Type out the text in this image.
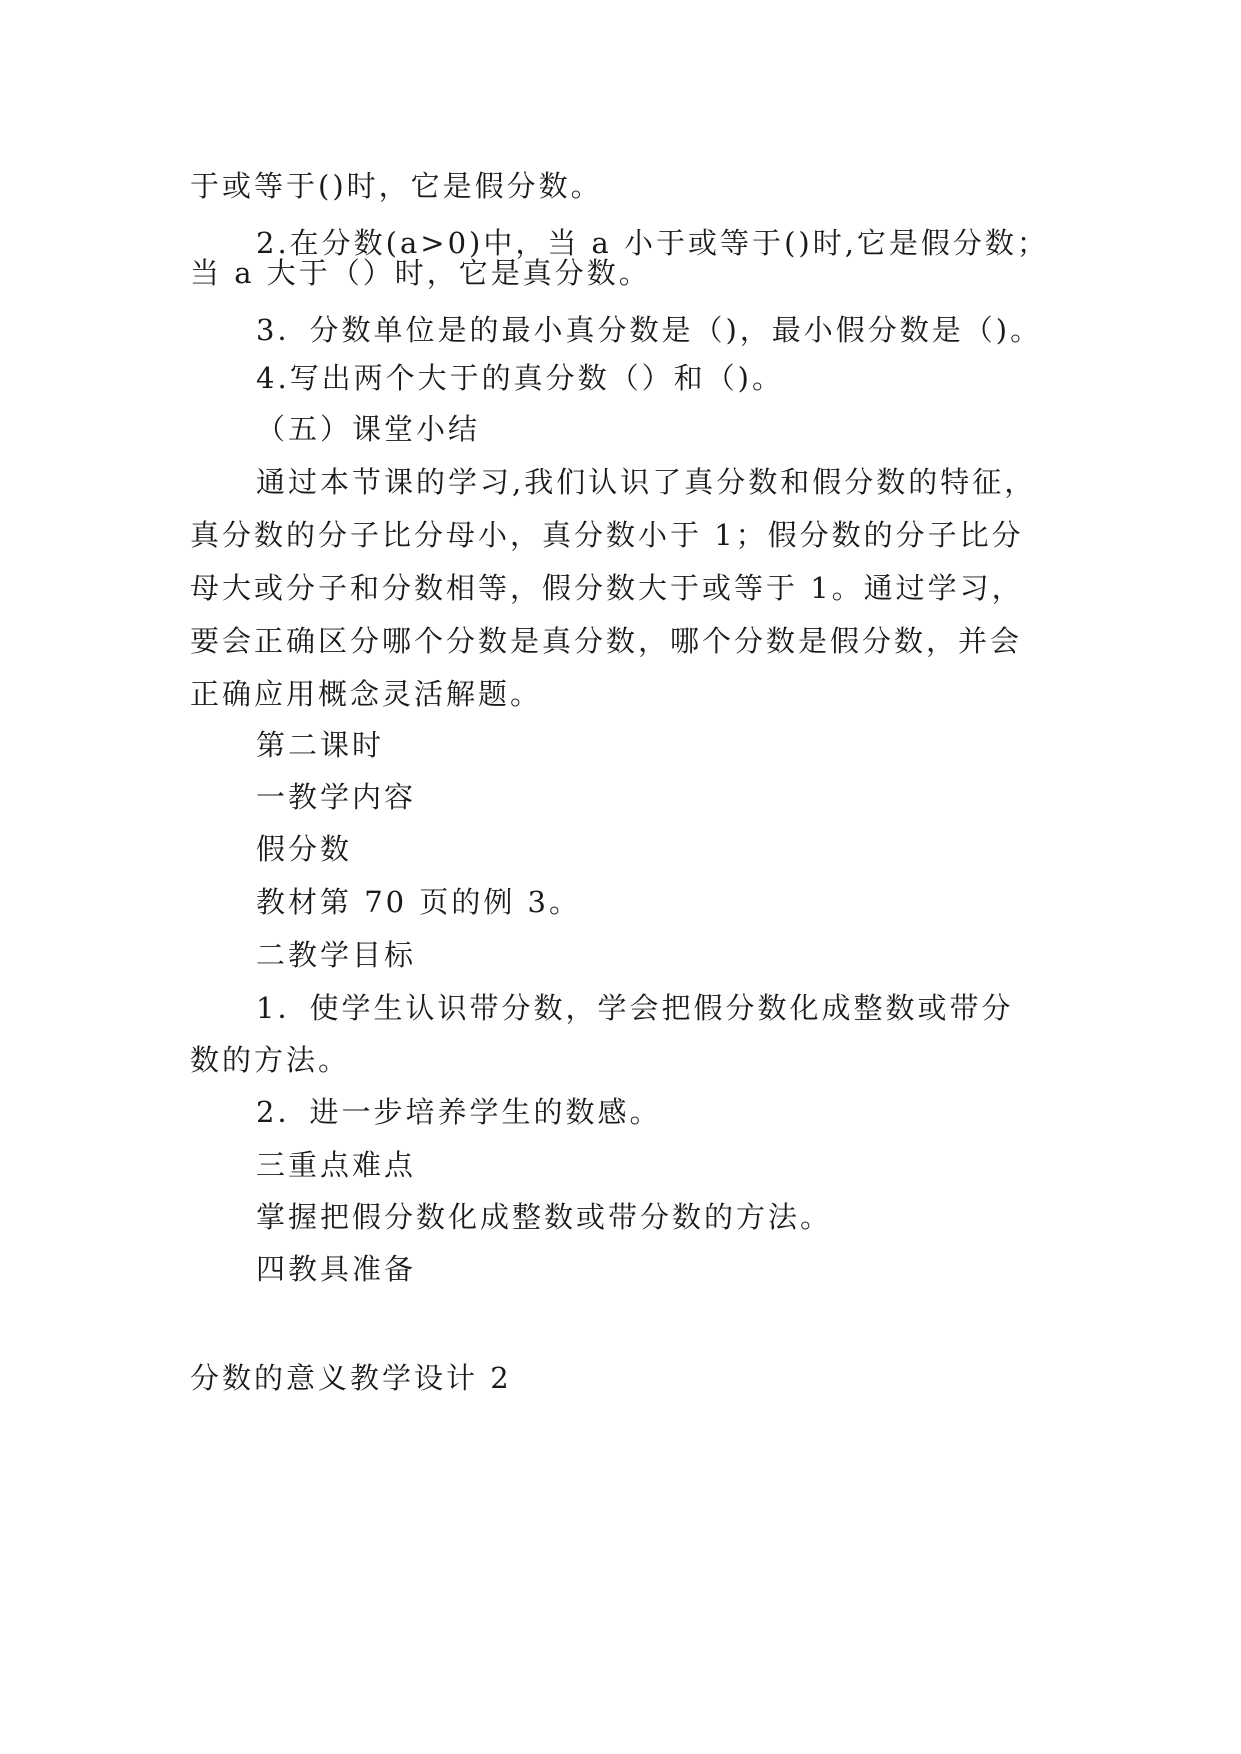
于或等于()时，它是假分数。
2.在分数(a>0)中，当 a 小于或等于()时,它是假分数；
当 a 大于（）时，它是真分数。
3．分数单位是的最小真分数是（)，最小假分数是（)。
4.写出两个大于的真分数（）和（)。
（五）课堂小结
通过本节课的学习,我们认识了真分数和假分数的特征，
真分数的分子比分母小，真分数小于 1；假分数的分子比分
母大或分子和分数相等，假分数大于或等于 1。通过学习，
要会正确区分哪个分数是真分数，哪个分数是假分数，并会
正确应用概念灵活解题。
第二课时
一教学内容
假分数
教材第 70 页的例 3。
二教学目标
1．使学生认识带分数，学会把假分数化成整数或带分
数的方法。
2．进一步培养学生的数感。
三重点难点
掌握把假分数化成整数或带分数的方法。
四教具准备
分数的意义教学设计 2
